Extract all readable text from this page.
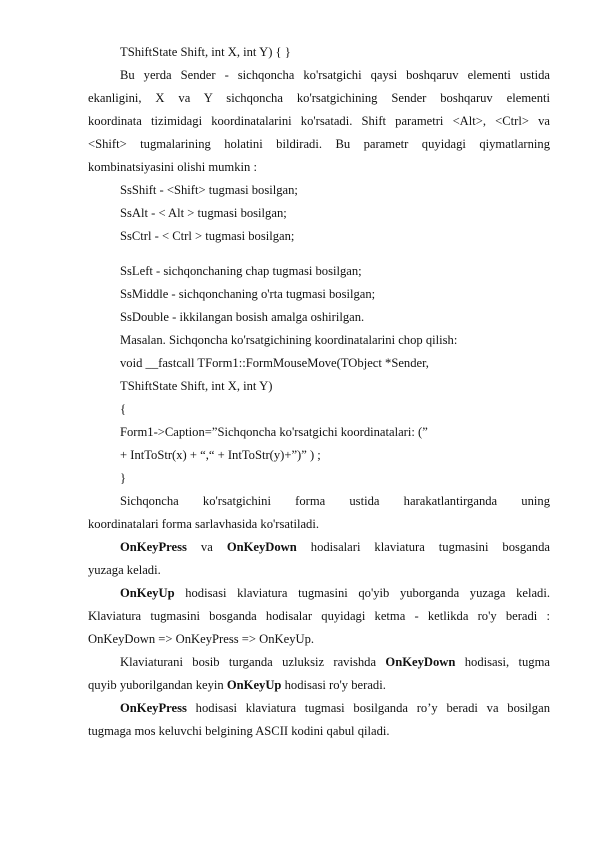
TShiftState Shift, int X, int Y) { }
Bu yerda Sender - sichqoncha ko'rsatgichi qaysi boshqaruv elementi ustida
ekanligini, X va Y sichqoncha ko'rsatgichining Sender boshqaruv elementi
koordinata tizimidagi koordinatalarini ko'rsatadi. Shift parametri <Alt>, <Ctrl> va
<Shift> tugmalarining holatini bildiradi. Bu parametr quyidagi qiymatlarning
kombinatsiyasini olishi mumkin :
SsShift - <Shift> tugmasi bosilgan;
SsAlt - < Alt > tugmasi bosilgan;
SsCtrl - < Ctrl > tugmasi bosilgan;
SsLeft - sichqonchaning chap tugmasi bosilgan;
SsMiddle - sichqonchaning o'rta tugmasi bosilgan;
SsDouble - ikkilangan bosish amalga oshirilgan.
Masalan. Sichqoncha ko'rsatgichining koordinatalarini chop qilish:
void __fastcall TForm1::FormMouseMove(TObject *Sender,
TShiftState Shift, int X, int Y)
{
Form1->Caption=”Sichqoncha ko'rsatgichi koordinatalari: (”
+ IntToStr(x) + “,“ + IntToStr(y)+”)” ) ;
}
Sichqoncha ko'rsatgichini forma ustida harakatlantirganda uning
koordinatalari forma sarlavhasida ko'rsatiladi.
OnKeyPress va OnKeyDown hodisalari klaviatura tugmasini bosganda
yuzaga keladi.
OnKeyUp hodisasi klaviatura tugmasini qo'yib yuborganda yuzaga keladi.
Klaviatura tugmasini bosganda hodisalar quyidagi ketma - ketlikda ro'y beradi :
OnKeyDown => OnKeyPress => OnKeyUp.
Klaviaturani bosib turganda uzluksiz ravishda OnKeyDown hodisasi, tugma
quyib yuborilgandan keyin OnKeyUp hodisasi ro'y beradi.
OnKeyPress hodisasi klaviatura tugmasi bosilganda ro’y beradi va bosilgan
tugmaga mos keluvchi belgining ASCII kodini qabul qiladi.
